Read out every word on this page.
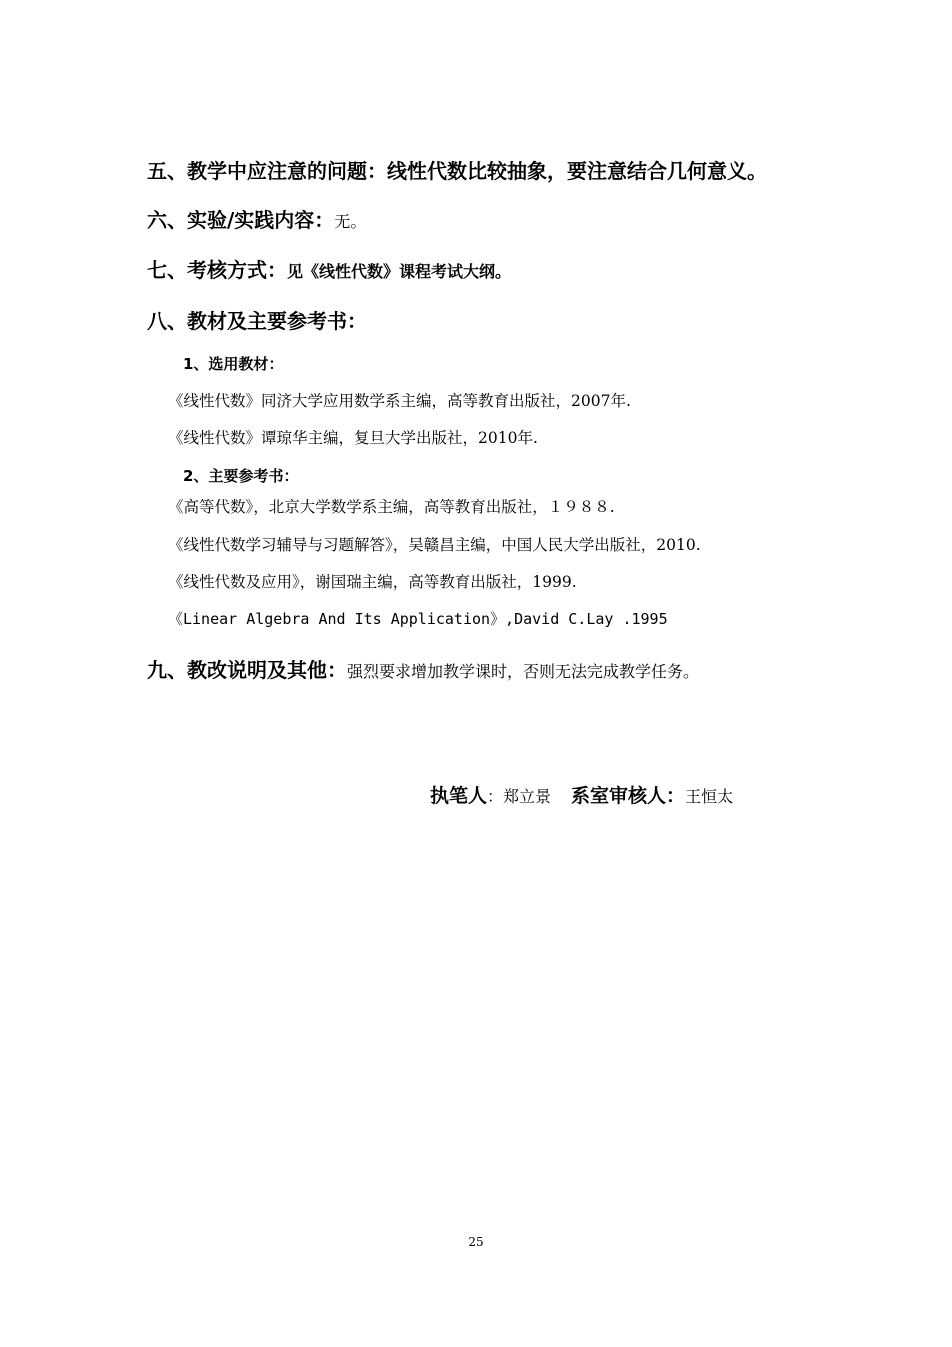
五、教学中应注意的问题：线性代数比较抽象，要注意结合几何意义。
六、实验/实践内容：无。
七、考核方式：见《线性代数》课程考试大纲。
八、教材及主要参考书：
1、选用教材：
《线性代数》同济大学应用数学系主编，高等教育出版社，2007年.
《线性代数》谭琼华主编，复旦大学出版社，2010年.
2、主要参考书：
《高等代数》，北京大学数学系主编，高等教育出版社，１９８８.
《线性代数学习辅导与习题解答》，吴赣昌主编，中国人民大学出版社，2010.
《线性代数及应用》，谢国瑞主编，高等教育出版社，1999.
《Linear Algebra And Its Application》,David C.Lay .1995
九、教改说明及其他：强烈要求增加教学课时，否则无法完成教学任务。
执笔人：郑立景 系室审核人：王恒太
25
